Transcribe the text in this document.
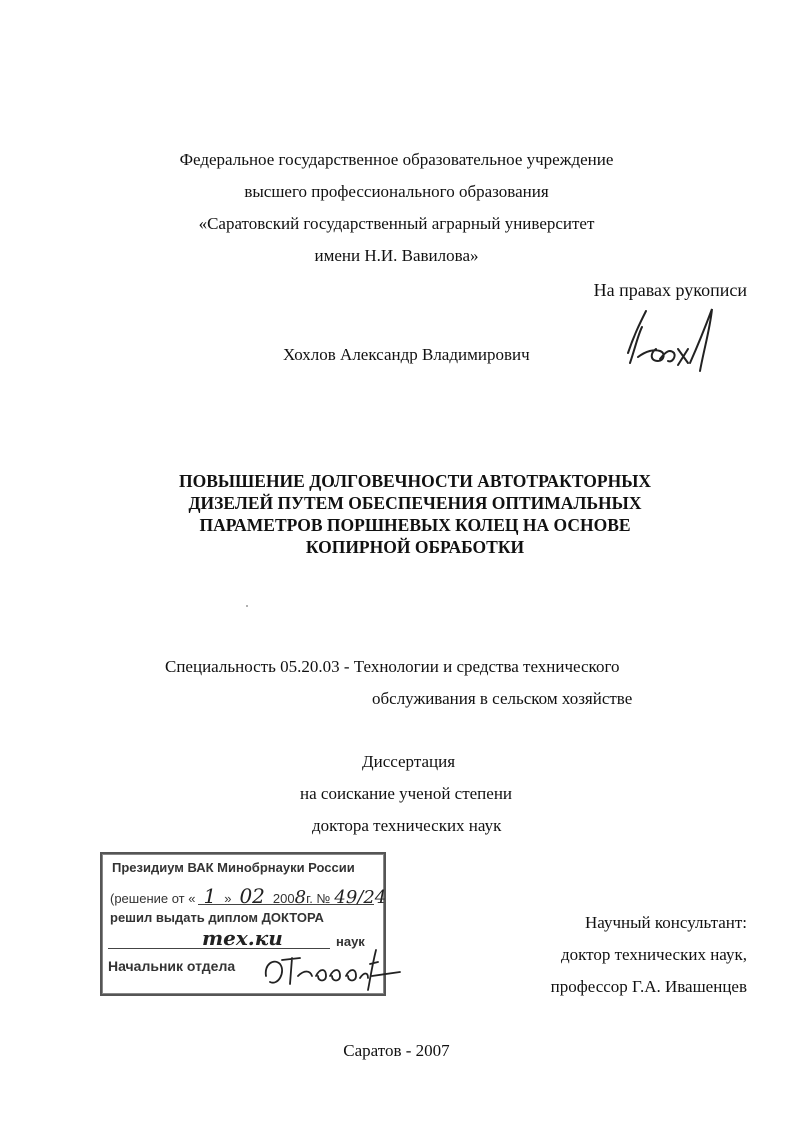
Федеральное государственное образовательное учреждение
высшего профессионального образования
«Саратовский государственный аграрный университет
имени Н.И. Вавилова»
На правах рукописи
Хохлов Александр Владимирович
ПОВЫШЕНИЕ ДОЛГОВЕЧНОСТИ АВТОТРАКТОРНЫХ
ДИЗЕЛЕЙ ПУТЕМ ОБЕСПЕЧЕНИЯ ОПТИМАЛЬНЫХ
ПАРАМЕТРОВ ПОРШНЕВЫХ КОЛЕЦ НА ОСНОВЕ
КОПИРНОЙ ОБРАБОТКИ
Специальность 05.20.03 - Технологии и средства технического
обслуживания в сельском хозяйстве
Диссертация
на соискание ученой степени
доктора технических наук
Президиум ВАК Минобрнауки России
(решение от « 1 » 02 2008г. № 49/24
решил выдать диплом ДОКТОРА
тех.ки	наук
Начальник отдела
Научный консультант:
доктор технических наук,
профессор Г.А. Ивашенцев
Саратов - 2007
